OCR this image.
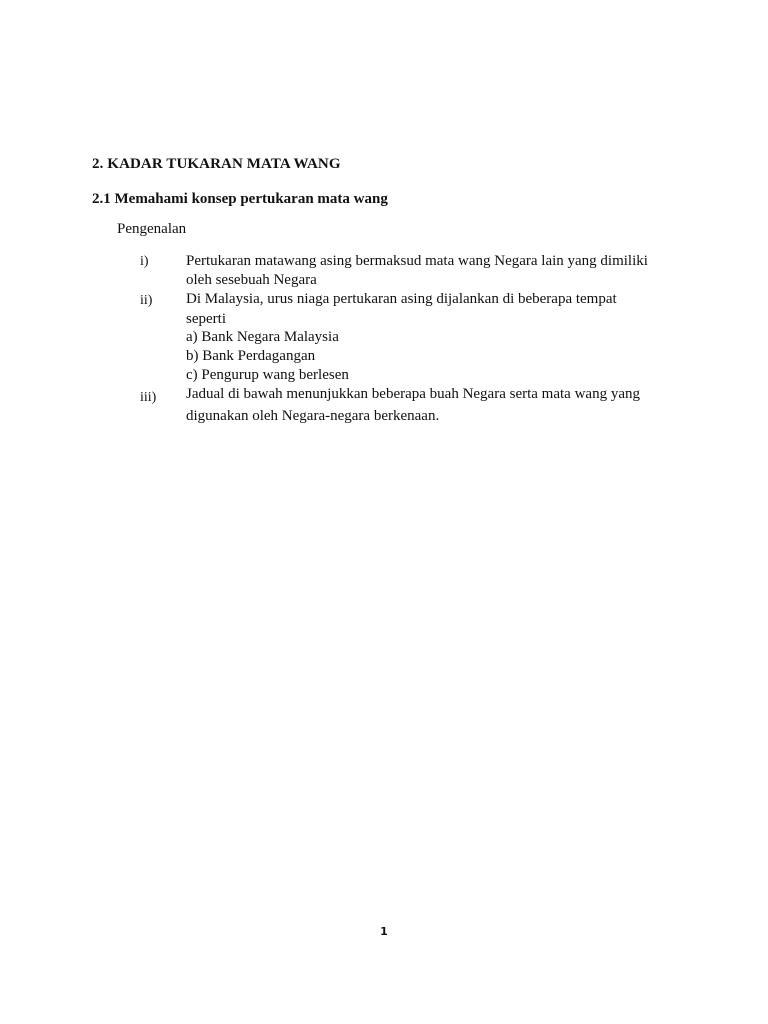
2. KADAR TUKARAN MATA WANG
2.1 Memahami konsep pertukaran mata wang

Pengenalan

i) Pertukaran matawang asing bermaksud mata wang Negara lain yang dimiliki
oleh sesebuah Negara
ii) Di Malaysia, urus niaga pertukaran asing dijalankan di beberapa tempat
seperti
a) Bank Negara Malaysia
b) Bank Perdagangan
c) Pengurup wang berlesen
iii) Jadual di bawah menunjukkan beberapa buah Negara serta mata wang yang
digunakan oleh Negara-negara berkenaan.
1
